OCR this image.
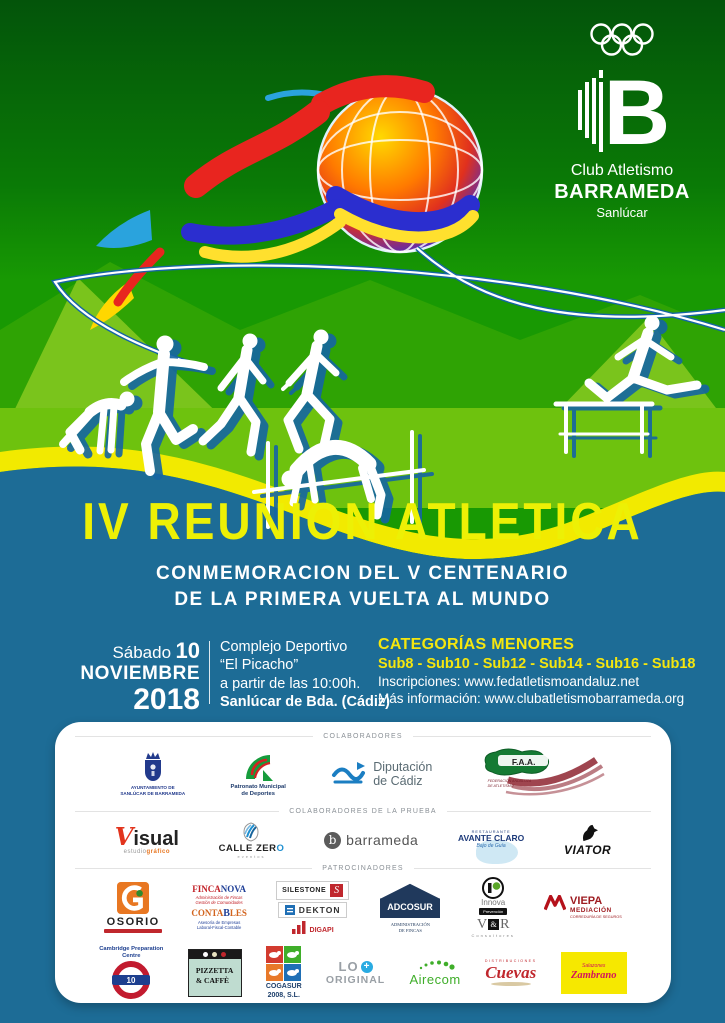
B
Club Atletismo
BARRAMEDA
Sanlúcar
IV REUNION ATLETICA
CONMEMORACION DEL V CENTENARIO
DE LA PRIMERA VUELTA AL MUNDO
Sábado 10
NOVIEMBRE
2018
Complejo Deportivo
“El Picacho”
a partir de las 10:00h.
Sanlúcar de Bda. (Cádiz)
CATEGORÍAS MENORES
Sub8 - Sub10 - Sub12 - Sub14 - Sub16 - Sub18
Inscripciones: www.fedatletismoandaluz.net
Más información: www.clubatletismobarrameda.org
COLABORADORES
AYUNTAMIENTO DE
SANLÚCAR DE BARRAMEDA
Patronato Municipal
de Deportes
Diputación
de Cádiz
F.A.A.
FEDERACIÓN ANDALUZA
DE ATLETISMO
COLABORADORES DE LA PRUEBA
Visual
estudiográfico	CALLE ZERO
eventos
b barrameda	RESTAURANTE
AVANTE CLARO
Bajo de Guía	VIATOR
PATROCINADORES
OSORIO
FINCANOVA
Administración de Fincas
Gestión de Comunidades
CONTABLES
Asesoría de Empresas
Laboral-Fiscal-Contable
SILESTONE S
DEKTON
DIGAPI
ADCOSUR
ADMINISTRACIÓN
DE FINCAS
Innova
Prevención
V & R
Consultores
VIEPA
MEDIACIÓN
CORREDURÍA DE SEGUROS
Cambridge Preparation
Centre
10
PIZZETTA
& CAFFÈ
COGASUR
2008, S.L.
LO +
ORIGINAL Airecom
DISTRIBUCIONES
Cuevas	Salazones
Zambrano
